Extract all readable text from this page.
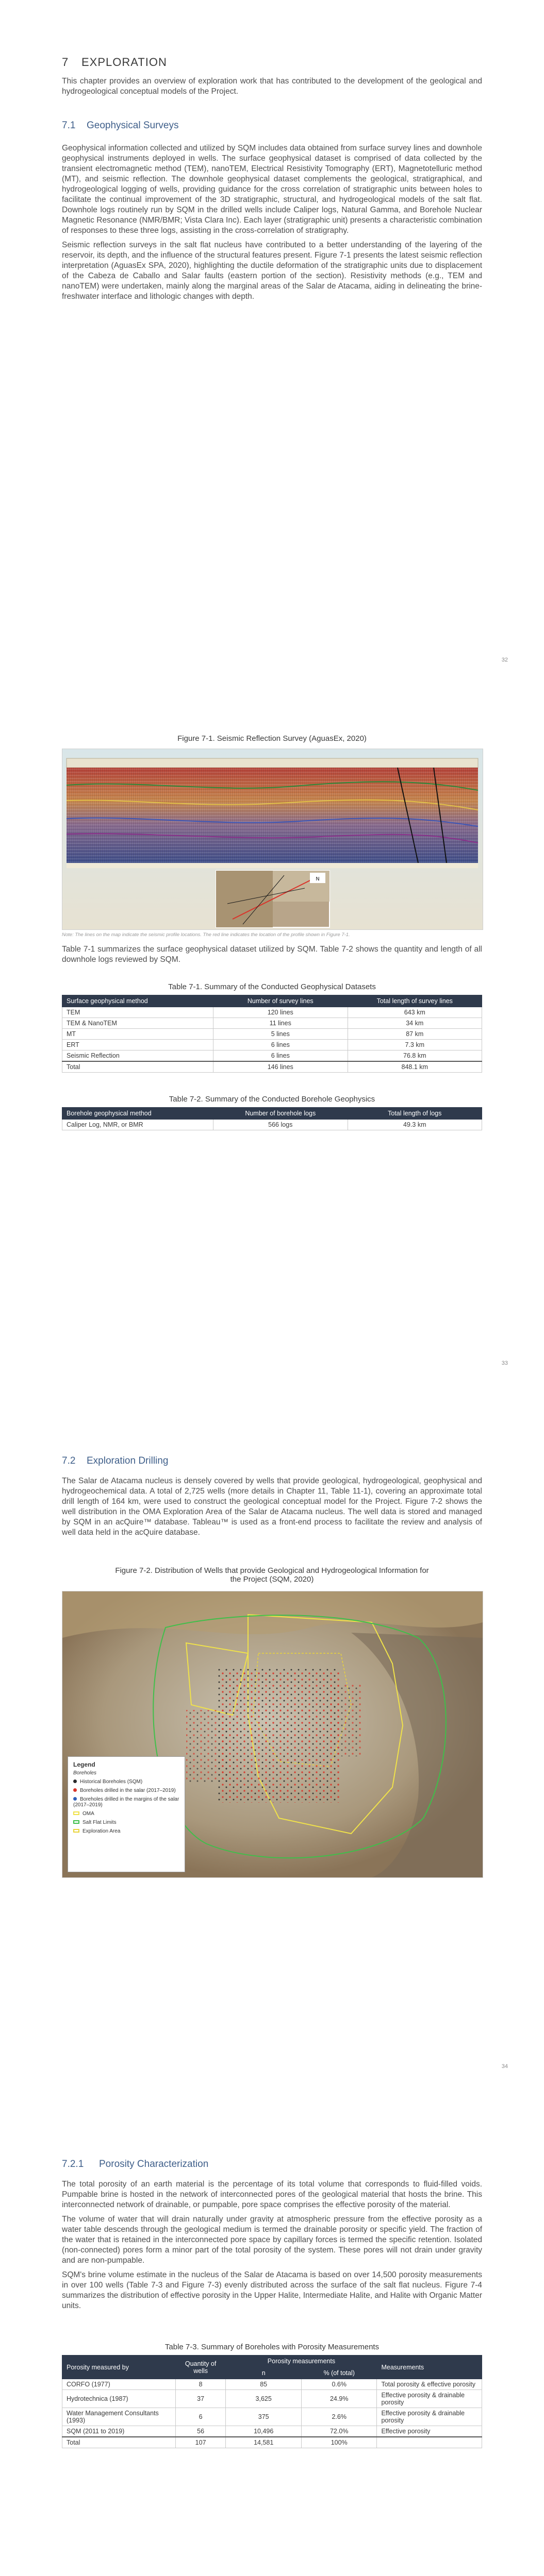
7 EXPLORATION

This chapter provides an overview of exploration work that has contributed to the development of the geological and hydrogeological conceptual models of the Project.

7.1 Geophysical Surveys

Geophysical information collected and utilized by SQM includes data obtained from surface survey lines and downhole geophysical instruments deployed in wells. The surface geophysical dataset is comprised of data collected by the transient electromagnetic method (TEM), nanoTEM, Electrical Resistivity Tomography (ERT), Magnetotelluric method (MT), and seismic reflection. The downhole geophysical dataset complements the geological, stratigraphical, and hydrogeological logging of wells, providing guidance for the cross correlation of stratigraphic units between holes to facilitate the continual improvement of the 3D stratigraphic, structural, and hydrogeological models of the salt flat. Downhole logs routinely run by SQM in the drilled wells include Caliper logs, Natural Gamma, and Borehole Nuclear Magnetic Resonance (NMR/BMR; Vista Clara Inc). Each layer (stratigraphic unit) presents a characteristic combination of responses to these three logs, assisting in the cross-correlation of stratigraphy.

Seismic reflection surveys in the salt flat nucleus have contributed to a better understanding of the layering of the reservoir, its depth, and the influence of the structural features present. Figure 7-1 presents the latest seismic reflection interpretation (AguasEx SPA, 2020), highlighting the ductile deformation of the stratigraphic units due to displacement of the Cabeza de Caballo and Salar faults (eastern portion of the section). Resistivity methods (e.g., TEM and nanoTEM) were undertaken, mainly along the marginal areas of the Salar de Atacama, aiding in delineating the brine-freshwater interface and lithologic changes with depth.

32

Figure 7-1. Seismic Reflection Survey (AguasEx, 2020)

N

Note: The lines on the map indicate the seismic profile locations. The red line indicates the location of the profile shown in Figure 7-1.

Table 7-1 summarizes the surface geophysical dataset utilized by SQM. Table 7-2 shows the quantity and length of all downhole logs reviewed by SQM.

Table 7-1. Summary of the Conducted Geophysical Datasets

Surface geophysical method	Number of survey lines	Total length of survey lines
TEM	120 lines	643 km
TEM & NanoTEM	11 lines	34 km
MT	5 lines	87 km
ERT	6 lines	7.3 km
Seismic Reflection	6 lines	76.8 km
Total	146 lines	848.1 km

Table 7-2. Summary of the Conducted Borehole Geophysics

Borehole geophysical method	Number of borehole logs	Total length of logs
Caliper Log, NMR, or BMR	566 logs	49.3 km
33
7.2 Exploration Drilling

The Salar de Atacama nucleus is densely covered by wells that provide geological, hydrogeological, geophysical and hydrogeochemical data. A total of 2,725 wells (more details in Chapter 11, Table 11-1), covering an approximate total drill length of 164 km, were used to construct the geological conceptual model for the Project. Figure 7-2 shows the well distribution in the OMA Exploration Area of the Salar de Atacama nucleus. The well data is stored and managed by SQM in an acQuire™ database. Tableau™ is used as a front-end process to facilitate the review and analysis of well data held in the acQuire database.

Figure 7-2. Distribution of Wells that provide Geological and Hydrogeological Information for

the Project (SQM, 2020)

Legend
Boreholes
Historical Boreholes (SQM)
Boreholes drilled in the salar (2017–2019)
Boreholes drilled in the margins of the salar (2017–2019)
OMA
Salt Flat Limits
Exploration Area
34
7.2.1 Porosity Characterization

The total porosity of an earth material is the percentage of its total volume that corresponds to fluid-filled voids. Pumpable brine is hosted in the network of interconnected pores of the geological material that hosts the brine. This interconnected network of drainable, or pumpable, pore space comprises the effective porosity of the material.

The volume of water that will drain naturally under gravity at atmospheric pressure from the effective porosity as a water table descends through the geological medium is termed the drainable porosity or specific yield. The fraction of the water that is retained in the interconnected pore space by capillary forces is termed the specific retention. Isolated (non-connected) pores form a minor part of the total porosity of the system. These pores will not drain under gravity and are non-pumpable.

SQM's brine volume estimate in the nucleus of the Salar de Atacama is based on over 14,500 porosity measurements in over 100 wells (Table 7-3 and Figure 7-3) evenly distributed across the surface of the salt flat nucleus. Figure 7-4 summarizes the distribution of effective porosity in the Upper Halite, Intermediate Halite, and Halite with Organic Matter units.

Table 7-3. Summary of Boreholes with Porosity Measurements

Porosity measured by	Quantity of wells	Porosity measurements		Measurements
		n	% (of total)	
CORFO (1977)	8	85	0.6%	Total porosity & effective porosity
Hydrotechnica (1987)	37	3,625	24.9%	Effective porosity & drainable porosity
Water Management Consultants (1993)	6	375	2.6%	Effective porosity & drainable porosity
SQM (2011 to 2019)	56	10,496	72.0%	Effective porosity
Total	107	14,581	100%	
